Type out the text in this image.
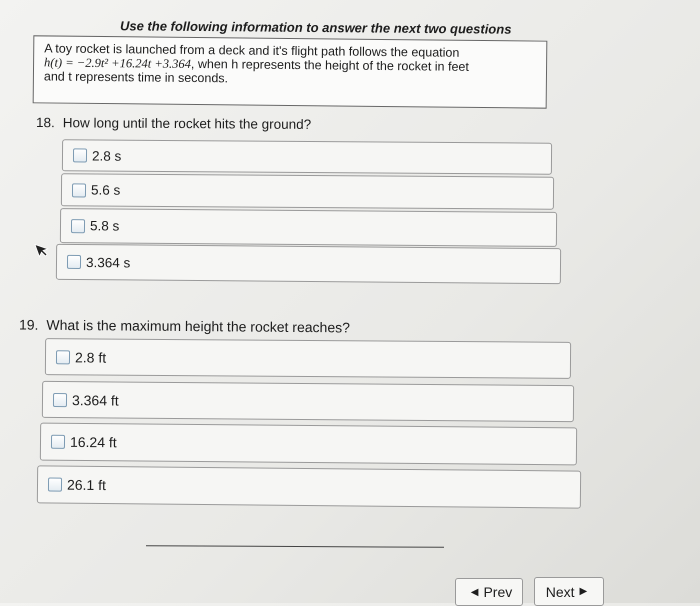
Use the following information to answer the next two questions
A toy rocket is launched from a deck and it's flight path follows the equation
h(t) = −2.9t² +16.24t +3.364, when h represents the height of the rocket in feet
and t represents time in seconds.
18. How long until the rocket hits the ground?
2.8 s
5.6 s
5.8 s
3.364 s
19. What is the maximum height the rocket reaches?
2.8 ft
3.364 ft
16.24 ft
26.1 ft
◀ Prev Next ▶
